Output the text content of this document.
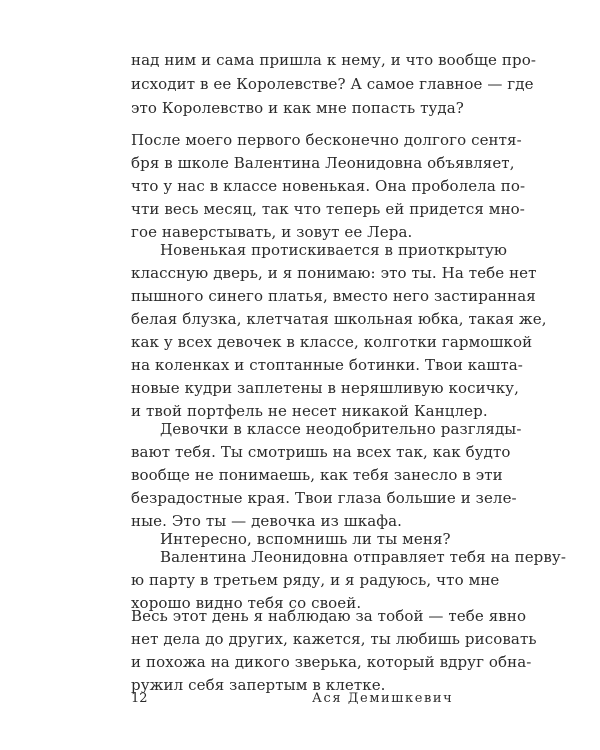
над ним и сама пришла к нему, и что вообще про-
исходит в ее Королевстве? А самое главное — где
это Королевство и как мне попасть туда?
После моего первого бесконечно долгого сентя-
бря в школе Валентина Леонидовна объявляет,
что у нас в классе новенькая. Она проболела по-
чти весь месяц, так что теперь ей придется мно-
гое наверстывать, и зовут ее Лера.
Новенькая протискивается в приоткрытую
классную дверь, и я понимаю: это ты. На тебе нет
пышного синего платья, вместо него застиранная
белая блузка, клетчатая школьная юбка, такая же,
как у всех девочек в классе, колготки гармошкой
на коленках и стоптанные ботинки. Твои кашта-
новые кудри заплетены в неряшливую косичку,
и твой портфель не несет никакой Канцлер.
Девочки в классе неодобрительно разгляды-
вают тебя. Ты смотришь на всех так, как будто
вообще не понимаешь, как тебя занесло в эти
безрадостные края. Твои глаза большие и зеле-
ные. Это ты — девочка из шкафа.
Интересно, вспомнишь ли ты меня?
Валентина Леонидовна отправляет тебя на перву-
ю парту в третьем ряду, и я радуюсь, что мне
хорошо видно тебя со своей.
Весь этот день я наблюдаю за тобой — тебе явно
нет дела до других, кажется, ты любишь рисовать
и похожа на дикого зверька, который вдруг обна-
ружил себя запертым в клетке.
12	Ася Демишкевич
